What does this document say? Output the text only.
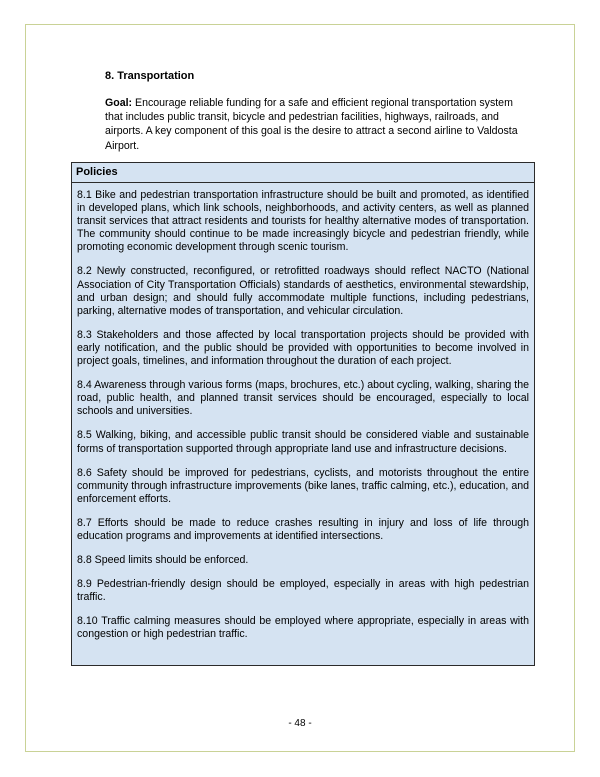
8. Transportation

Goal: Encourage reliable funding for a safe and efficient regional transportation system that includes public transit, bicycle and pedestrian facilities, highways, railroads, and airports. A key component of this goal is the desire to attract a second airline to Valdosta Airport.

Policies

8.1 Bike and pedestrian transportation infrastructure should be built and promoted, as identified in developed plans, which link schools, neighborhoods, and activity centers, as well as planned transit services that attract residents and tourists for healthy alternative modes of transportation. The community should continue to be made increasingly bicycle and pedestrian friendly, while promoting economic development through scenic tourism.

8.2 Newly constructed, reconfigured, or retrofitted roadways should reflect NACTO (National Association of City Transportation Officials) standards of aesthetics, environmental stewardship, and urban design; and should fully accommodate multiple functions, including pedestrians, parking, alternative modes of transportation, and vehicular circulation.

8.3 Stakeholders and those affected by local transportation projects should be provided with early notification, and the public should be provided with opportunities to become involved in project goals, timelines, and information throughout the duration of each project.

8.4 Awareness through various forms (maps, brochures, etc.) about cycling, walking, sharing the road, public health, and planned transit services should be encouraged, especially to local schools and universities.

8.5 Walking, biking, and accessible public transit should be considered viable and sustainable forms of transportation supported through appropriate land use and infrastructure decisions.

8.6 Safety should be improved for pedestrians, cyclists, and motorists throughout the entire community through infrastructure improvements (bike lanes, traffic calming, etc.), education, and enforcement efforts.

8.7 Efforts should be made to reduce crashes resulting in injury and loss of life through education programs and improvements at identified intersections.

8.8 Speed limits should be enforced.

8.9 Pedestrian-friendly design should be employed, especially in areas with high pedestrian traffic.

8.10 Traffic calming measures should be employed where appropriate, especially in areas with congestion or high pedestrian traffic.

- 48 -
